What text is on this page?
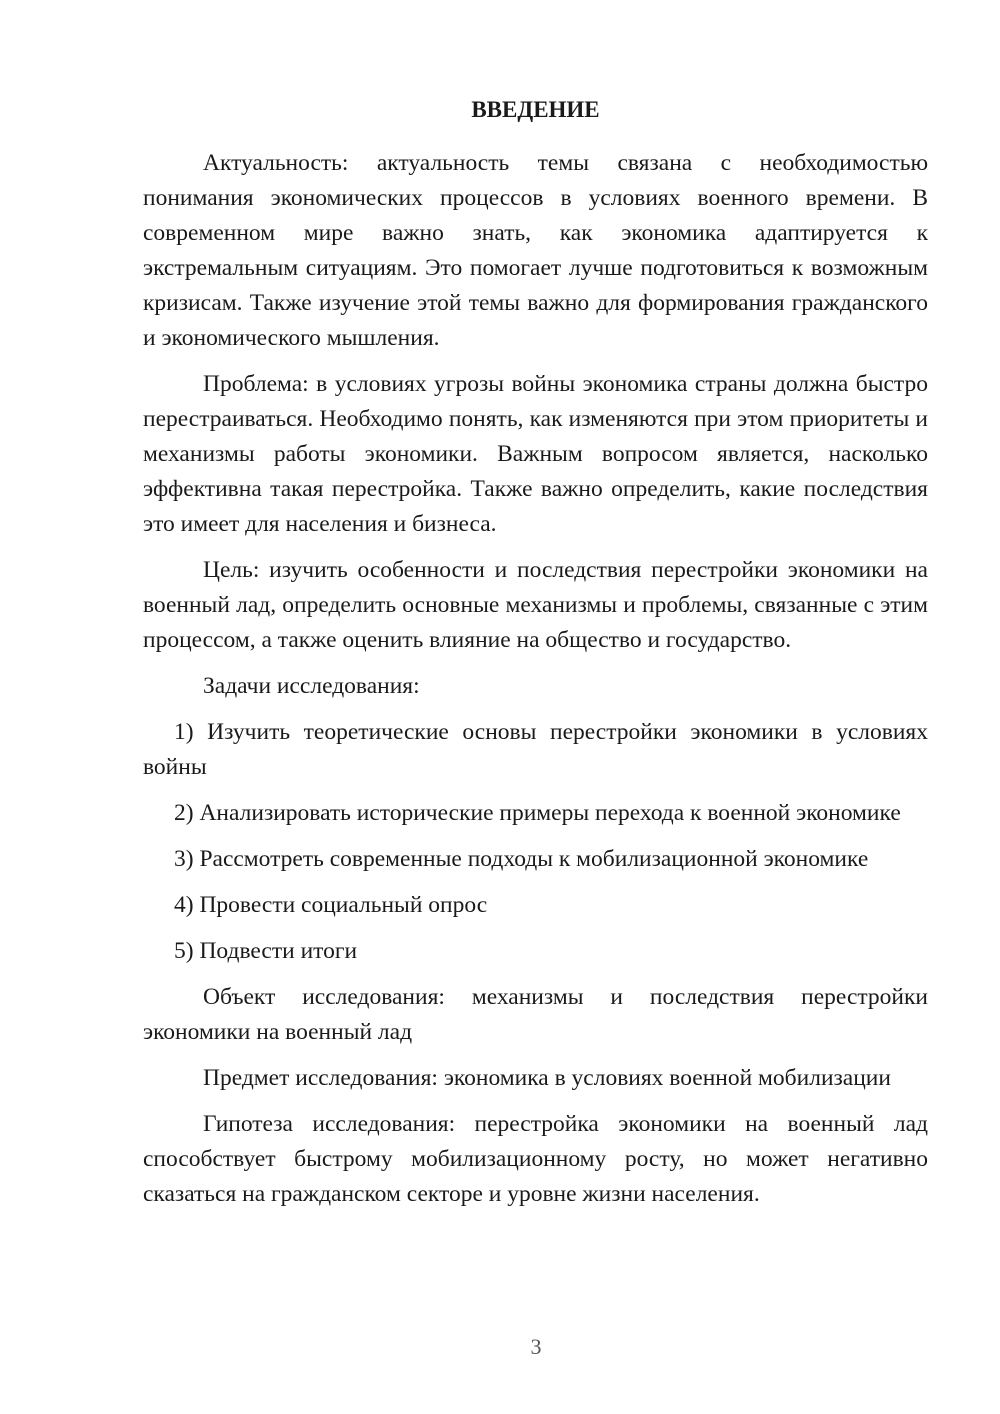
ВВЕДЕНИЕ

Актуальность: актуальность темы связана с необходимостью понимания экономических процессов в условиях военного времени. В современном мире важно знать, как экономика адаптируется к экстремальным ситуациям. Это помогает лучше подготовиться к возможным кризисам. Также изучение этой темы важно для формирования гражданского и экономического мышления.

Проблема: в условиях угрозы войны экономика страны должна быстро перестраиваться. Необходимо понять, как изменяются при этом приоритеты и механизмы работы экономики. Важным вопросом является, насколько эффективна такая перестройка. Также важно определить, какие последствия это имеет для населения и бизнеса.

Цель: изучить особенности и последствия перестройки экономики на военный лад, определить основные механизмы и проблемы, связанные с этим процессом, а также оценить влияние на общество и государство.

Задачи исследования:

1) Изучить теоретические основы перестройки экономики в условиях войны

2) Анализировать исторические примеры перехода к военной экономике

3) Рассмотреть современные подходы к мобилизационной экономике

4) Провести социальный опрос

5) Подвести итоги

Объект исследования: механизмы и последствия перестройки экономики на военный лад

Предмет исследования: экономика в условиях военной мобилизации

Гипотеза исследования: перестройка экономики на военный лад способствует быстрому мобилизационному росту, но может негативно сказаться на гражданском секторе и уровне жизни населения.

3
